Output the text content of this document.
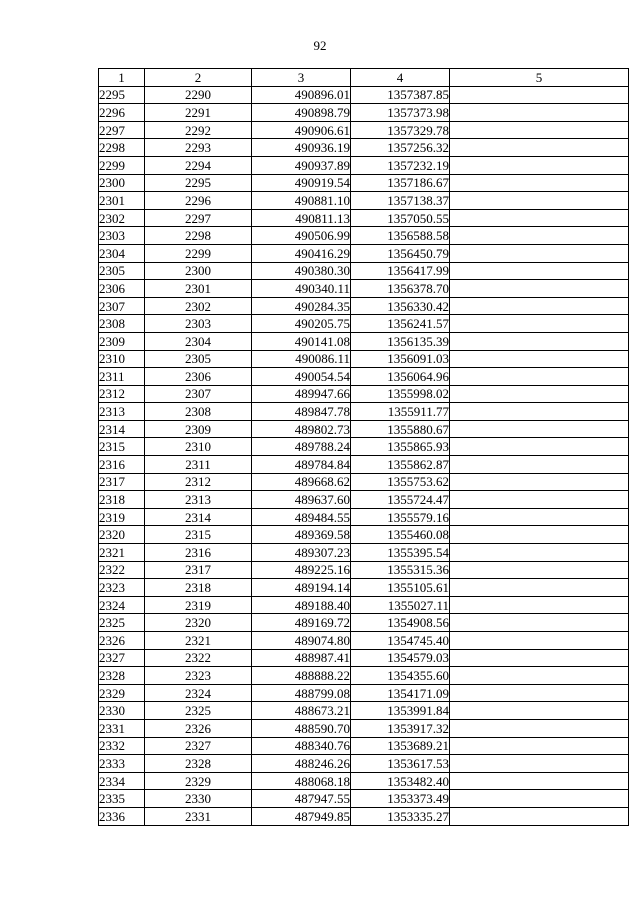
92
1	2	3	4	5
2295	2290	490896.01	1357387.85	
2296	2291	490898.79	1357373.98	
2297	2292	490906.61	1357329.78	
2298	2293	490936.19	1357256.32	
2299	2294	490937.89	1357232.19	
2300	2295	490919.54	1357186.67	
2301	2296	490881.10	1357138.37	
2302	2297	490811.13	1357050.55	
2303	2298	490506.99	1356588.58	
2304	2299	490416.29	1356450.79	
2305	2300	490380.30	1356417.99	
2306	2301	490340.11	1356378.70	
2307	2302	490284.35	1356330.42	
2308	2303	490205.75	1356241.57	
2309	2304	490141.08	1356135.39	
2310	2305	490086.11	1356091.03	
2311	2306	490054.54	1356064.96	
2312	2307	489947.66	1355998.02	
2313	2308	489847.78	1355911.77	
2314	2309	489802.73	1355880.67	
2315	2310	489788.24	1355865.93	
2316	2311	489784.84	1355862.87	
2317	2312	489668.62	1355753.62	
2318	2313	489637.60	1355724.47	
2319	2314	489484.55	1355579.16	
2320	2315	489369.58	1355460.08	
2321	2316	489307.23	1355395.54	
2322	2317	489225.16	1355315.36	
2323	2318	489194.14	1355105.61	
2324	2319	489188.40	1355027.11	
2325	2320	489169.72	1354908.56	
2326	2321	489074.80	1354745.40	
2327	2322	488987.41	1354579.03	
2328	2323	488888.22	1354355.60	
2329	2324	488799.08	1354171.09	
2330	2325	488673.21	1353991.84	
2331	2326	488590.70	1353917.32	
2332	2327	488340.76	1353689.21	
2333	2328	488246.26	1353617.53	
2334	2329	488068.18	1353482.40	
2335	2330	487947.55	1353373.49	
2336	2331	487949.85	1353335.27	
